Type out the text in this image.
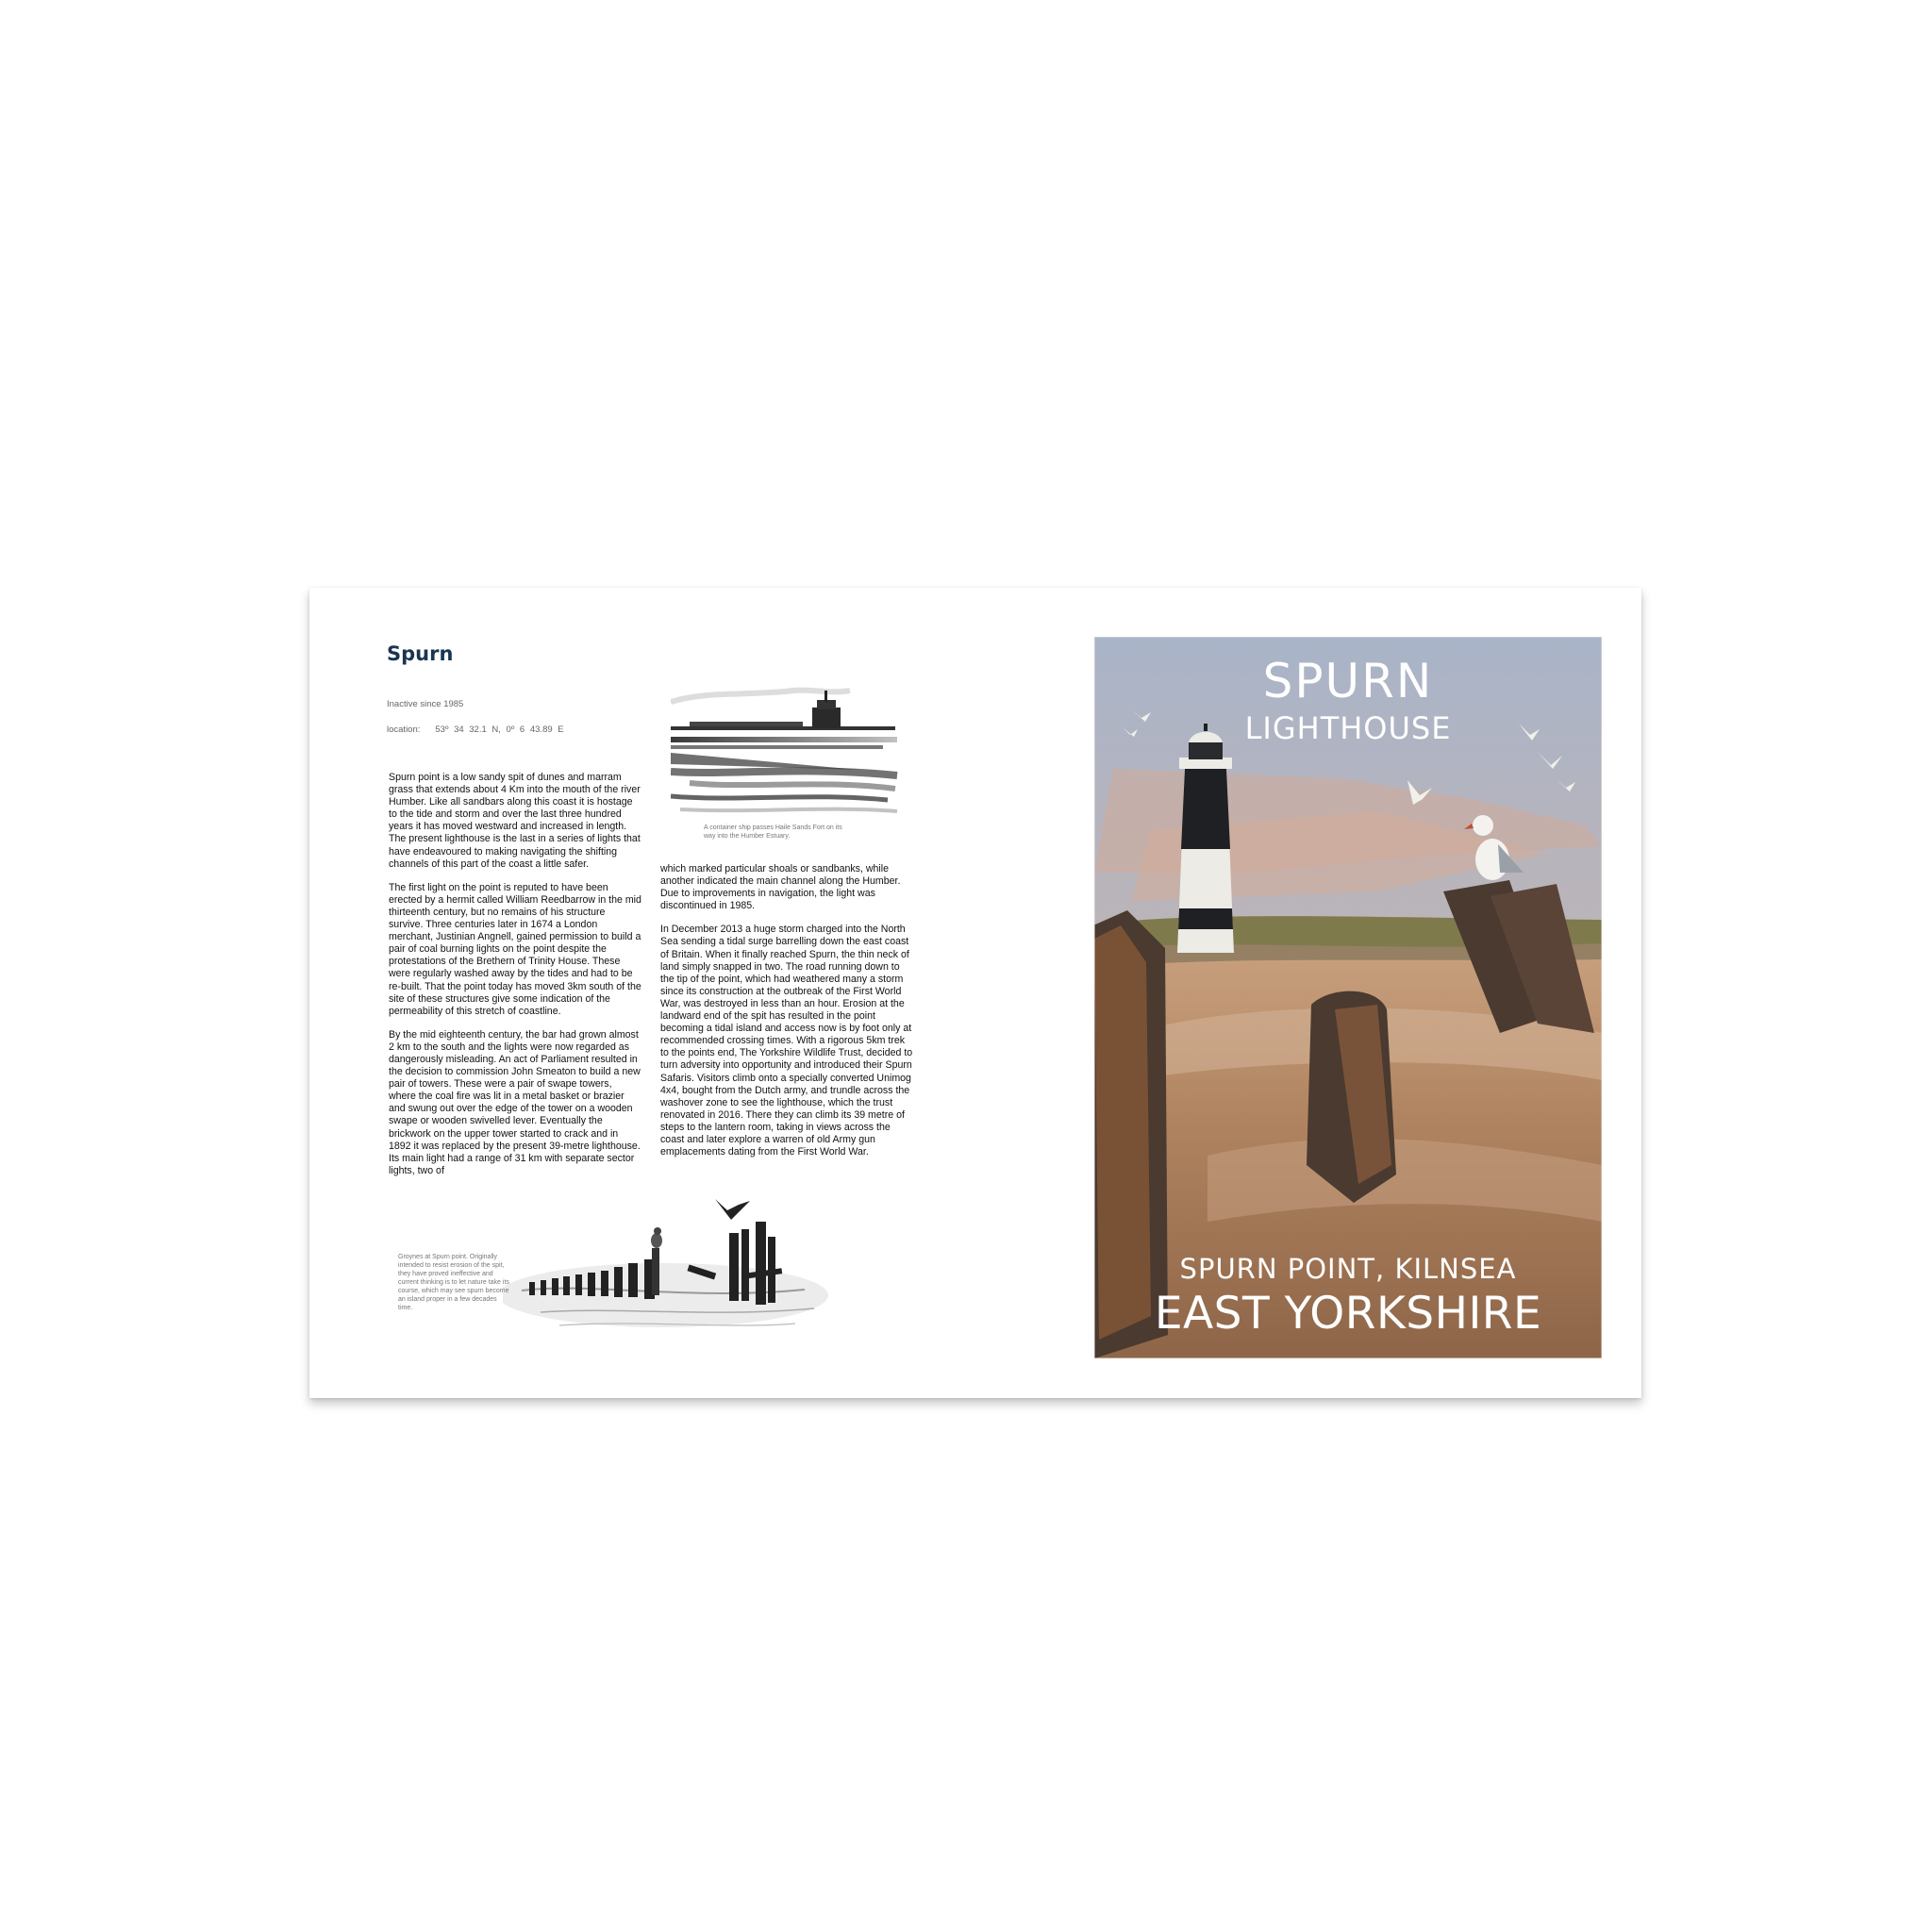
Spurn
Inactive since 1985
location: 53º 34 32.1 N, 0º 6 43.89 E

Spurn point is a low sandy spit of dunes and marram grass that extends about 4 Km into the mouth of the river Humber. Like all sandbars along this coast it is hostage to the tide and storm and over the last three hundred years it has moved westward and increased in length. The present lighthouse is the last in a series of lights that have endeavoured to making navigating the shifting channels of this part of the coast a little safer.

The first light on the point is reputed to have been erected by a hermit called William Reedbarrow in the mid thirteenth century, but no remains of his structure survive. Three centuries later in 1674 a London merchant, Justinian Angnell, gained permission to build a pair of coal burning lights on the point despite the protestations of the Brethern of Trinity House. These were regularly washed away by the tides and had to be re-built. That the point today has moved 3km south of the site of these structures give some indication of the permeability of this stretch of coastline.

By the mid eighteenth century, the bar had grown almost 2 km to the south and the lights were now regarded as dangerously misleading. An act of Parliament resulted in the decision to commission John Smeaton to build a new pair of towers. These were a pair of swape towers, where the coal fire was lit in a metal basket or brazier and swung out over the edge of the tower on a wooden swape or wooden swivelled lever. Eventually the brickwork on the upper tower started to crack and in 1892 it was replaced by the present 39-metre lighthouse. Its main light had a range of 31 km with separate sector lights, two of

which marked particular shoals or sandbanks, while another indicated the main channel along the Humber. Due to improvements in navigation, the light was discontinued in 1985.

In December 2013 a huge storm charged into the North Sea sending a tidal surge barrelling down the east coast of Britain. When it finally reached Spurn, the thin neck of land simply snapped in two. The road running down to the tip of the point, which had weathered many a storm since its construction at the outbreak of the First World War, was destroyed in less than an hour. Erosion at the landward end of the spit has resulted in the point becoming a tidal island and access now is by foot only at recommended crossing times. With a rigorous 5km trek to the points end, The Yorkshire Wildlife Trust, decided to turn adversity into opportunity and introduced their Spurn Safaris. Visitors climb onto a specially converted Unimog 4x4, bought from the Dutch army, and trundle across the washover zone to see the lighthouse, which the trust renovated in 2016. There they can climb its 39 metre of steps to the lantern room, taking in views across the coast and later explore a warren of old Army gun emplacements dating from the First World War.

A container ship passes Haile Sands Fort on its way into the Humber Estuary.
Groynes at Spurn point. Originally intended to resist erosion of the spit, they have proved ineffective and current thinking is to let nature take its course, which may see spurn become an island proper in a few decades time.
SPURN
LIGHTHOUSE
SPURN POINT, KILNSEA
EAST YORKSHIRE
